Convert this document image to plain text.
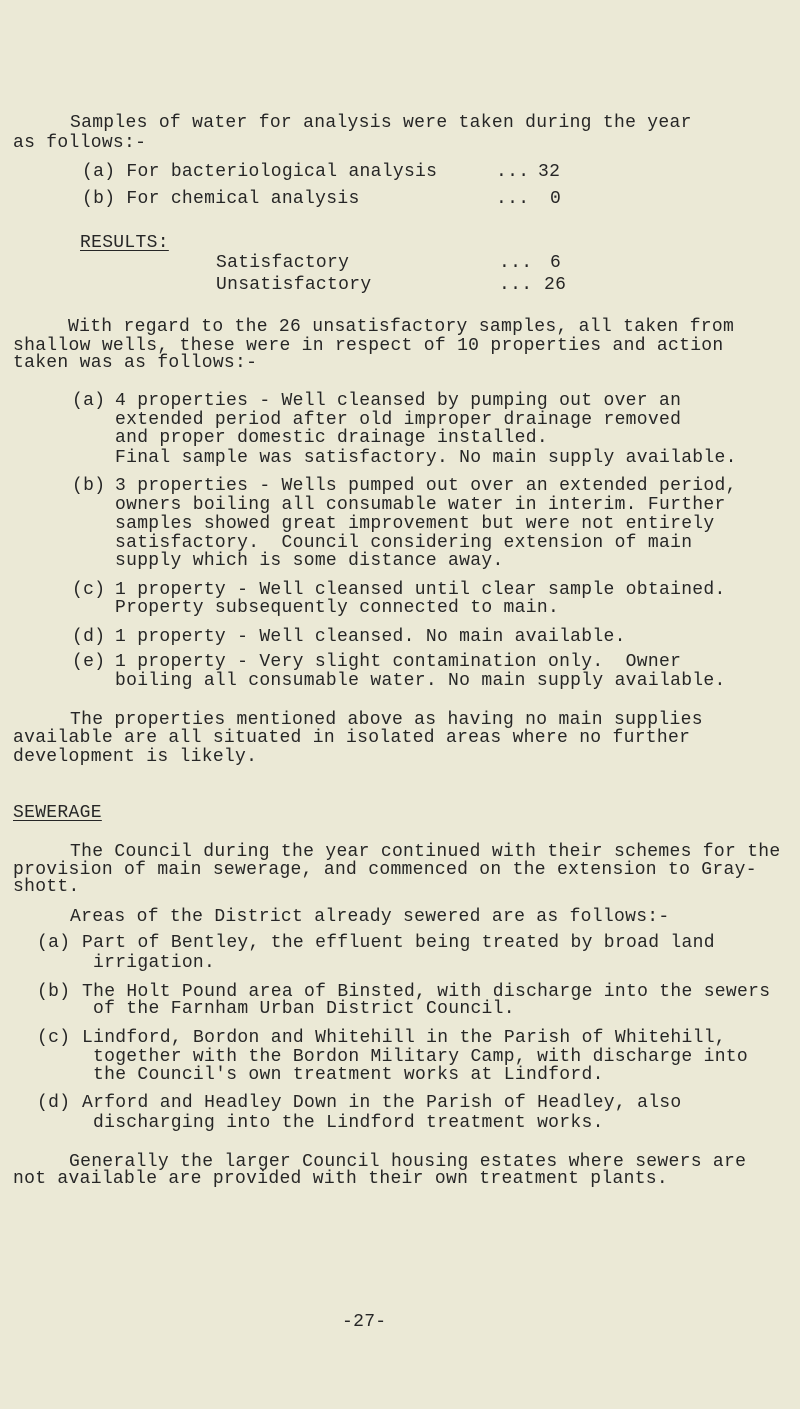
Samples of water for analysis were taken during the year
as follows:-
(a) For bacteriological analysis	... 32
(b) For chemical analysis	... 0
RESULTS:
Satisfactory	... 6
Unsatisfactory	... 26
With regard to the 26 unsatisfactory samples, all taken from
shallow wells, these were in respect of 10 properties and action
taken was as follows:-
(a) 4 properties - Well cleansed by pumping out over an
extended period after old improper drainage removed
and proper domestic drainage installed.
Final sample was satisfactory. No main supply available.
(b) 3 properties - Wells pumped out over an extended period,
owners boiling all consumable water in interim. Further
samples showed great improvement but were not entirely
satisfactory.  Council considering extension of main
supply which is some distance away.
(c) 1 property - Well cleansed until clear sample obtained.
Property subsequently connected to main.
(d) 1 property - Well cleansed. No main available.
(e) 1 property - Very slight contamination only.  Owner
boiling all consumable water. No main supply available.
The properties mentioned above as having no main supplies
available are all situated in isolated areas where no further
development is likely.
SEWERAGE
The Council during the year continued with their schemes for the
provision of main sewerage, and commenced on the extension to Gray-
shott.
Areas of the District already sewered are as follows:-
(a) Part of Bentley, the effluent being treated by broad land
irrigation.
(b) The Holt Pound area of Binsted, with discharge into the sewers
of the Farnham Urban District Council.
(c) Lindford, Bordon and Whitehill in the Parish of Whitehill,
together with the Bordon Military Camp, with discharge into
the Council's own treatment works at Lindford.
(d) Arford and Headley Down in the Parish of Headley, also
discharging into the Lindford treatment works.
Generally the larger Council housing estates where sewers are
not available are provided with their own treatment plants.
-27-
